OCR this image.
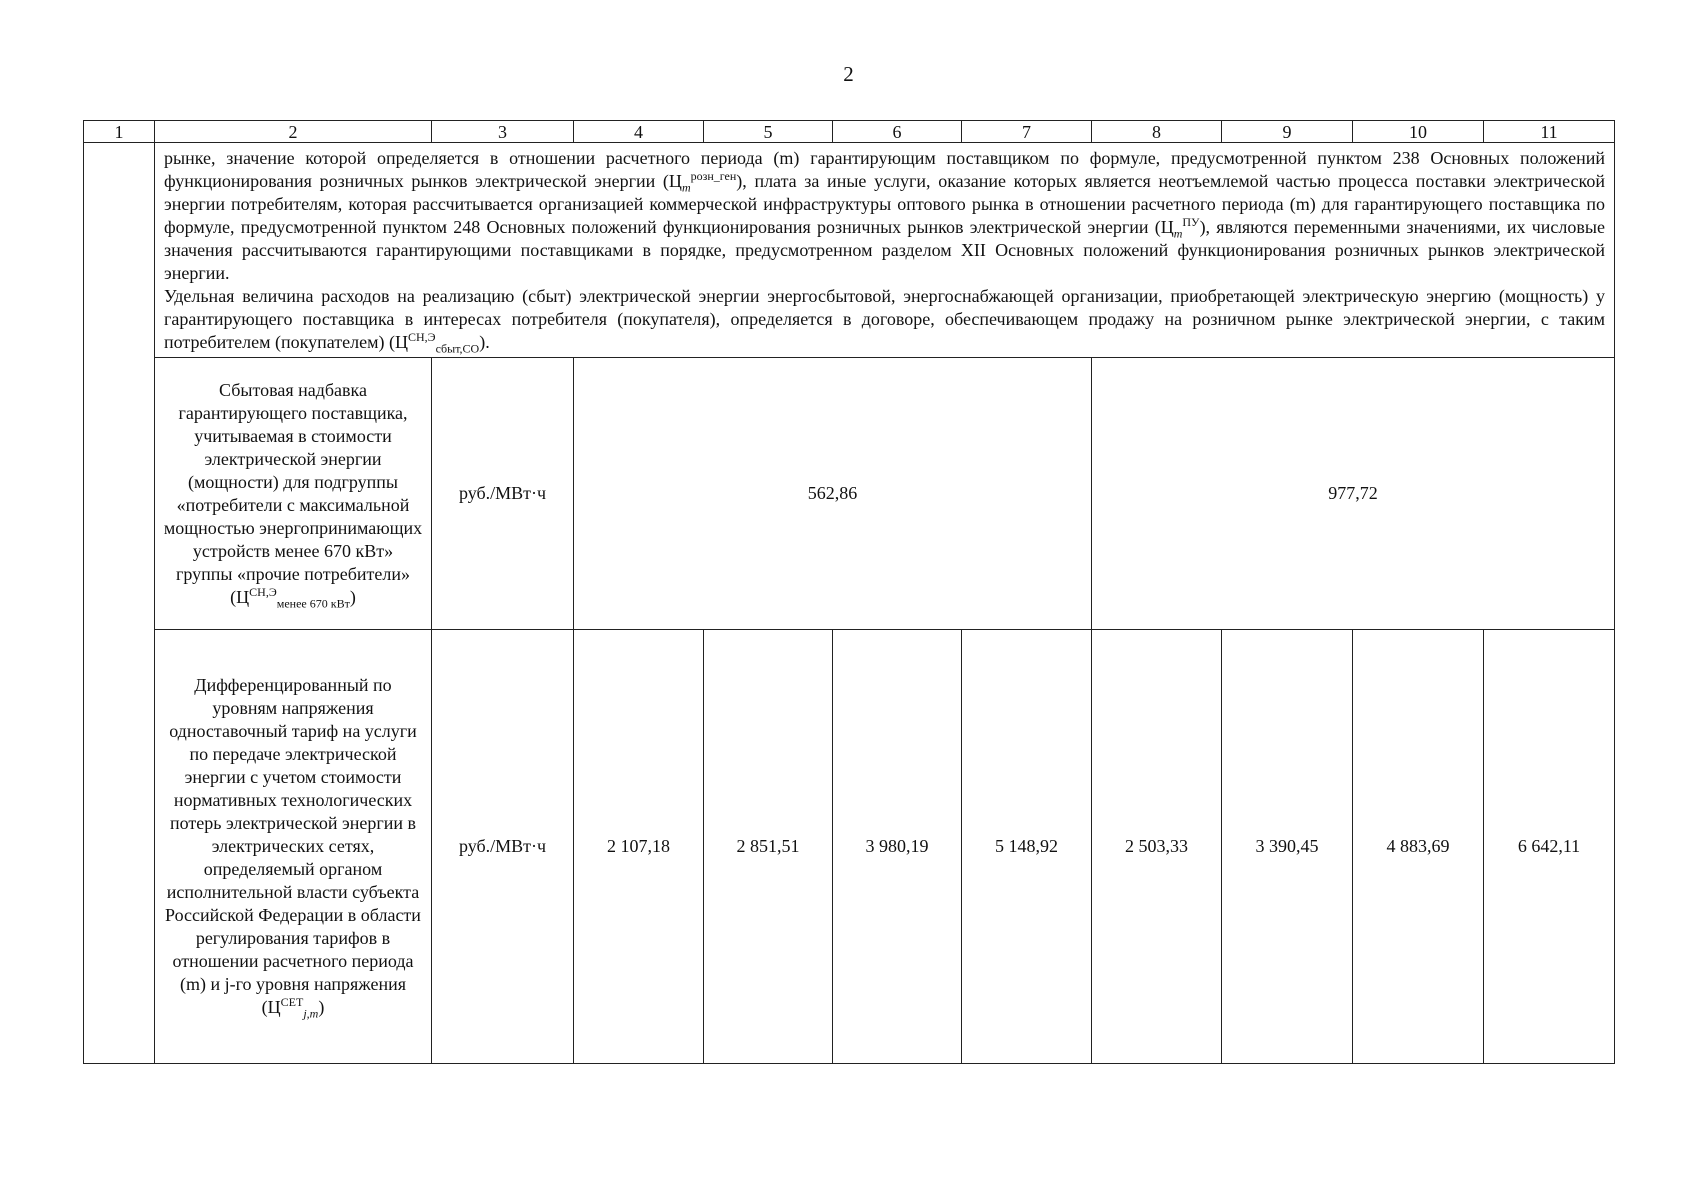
2
1	2	3	4	5	6	7	8	9	10	11

	рынке, значение которой определяется в отношении расчетного периода (m) гарантирующим поставщиком по формуле, предусмотренной пунктом 238 Основных положений функционирования розничных рынков электрической энергии $(Ц_m^{розн\_ген})$, плата за иные услуги, оказание которых является неотъемлемой частью процесса поставки электрической энергии потребителям, которая рассчитывается организацией коммерческой инфраструктуры оптового рынка в отношении расчетного периода (m) для гарантирующего поставщика по формуле, предусмотренной пунктом 248 Основных положений функционирования розничных рынков электрической энергии $(Ц_m^{ПУ})$, являются переменными значениями, их числовые значения рассчитываются гарантирующими поставщиками в порядке, предусмотренном разделом XII Основных положений функционирования розничных рынков электрической энергии.

Удельная величина расходов на реализацию (сбыт) электрической энергии энергосбытовой, энергоснабжающей организации, приобретающей электрическую энергию (мощность) у гарантирующего поставщика в интересах потребителя (покупателя), определяется в договоре, обеспечивающем продажу на розничном рынке электрической энергии, с таким потребителем (покупателем) $(Ц^{СН,Э}_{сбыт,СО})$.									

	Сбытовая надбавка гарантирующего поставщика, учитываемая в стоимости электрической энергии (мощности) для подгруппы «потребители с максимальной мощностью энергопринимающих устройств менее 670 кВт» группы «прочие потребители» $(Ц^{СН,Э}_{менее 670 кВт})$	руб./МВт·ч	562,86				977,72			
	Дифференцированный по уровням напряжения одноставочный тариф на услуги по передаче электрической энергии с учетом стоимости нормативных технологических потерь электрической энергии в электрических сетях, определяемый органом исполнительной власти субъекта Российской Федерации в области регулирования тарифов в отношении расчетного периода (m) и j-го уровня напряжения $(Ц^{СЕТ}_{j,m})$	руб./МВт·ч	2 107,18	2 851,51	3 980,19	5 148,92	2 503,33	3 390,45	4 883,69	6 642,11
